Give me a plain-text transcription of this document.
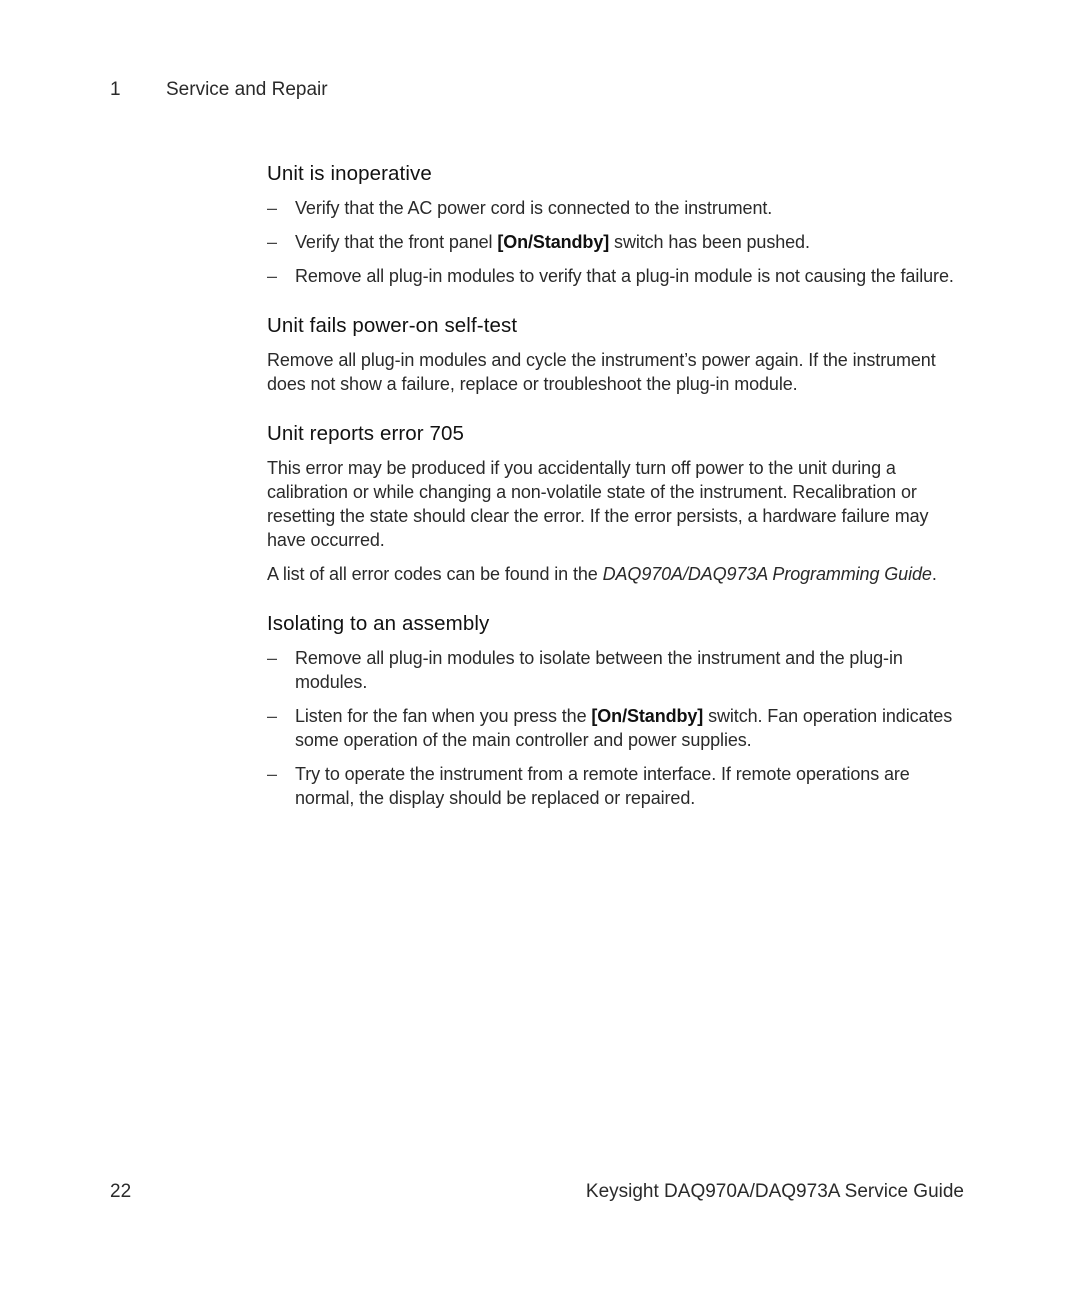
1 Service and Repair
Unit is inoperative
– Verify that the AC power cord is connected to the instrument.
– Verify that the front panel [On/Standby] switch has been pushed.
– Remove all plug-in modules to verify that a plug-in module is not causing the failure.
Unit fails power-on self-test

Remove all plug-in modules and cycle the instrument’s power again. If the instrument does not show a failure, replace or troubleshoot the plug-in module.

Unit reports error 705

This error may be produced if you accidentally turn off power to the unit during a calibration or while changing a non-volatile state of the instrument. Recalibration or resetting the state should clear the error. If the error persists, a hardware failure may have occurred.

A list of all error codes can be found in the DAQ970A/DAQ973A Programming Guide.

Isolating to an assembly
– Remove all plug-in modules to isolate between the instrument and the plug-in modules.
– Listen for the fan when you press the [On/Standby] switch. Fan operation indicates some operation of the main controller and power supplies.
– Try to operate the instrument from a remote interface. If remote operations are normal, the display should be replaced or repaired.
22	Keysight DAQ970A/DAQ973A Service Guide
